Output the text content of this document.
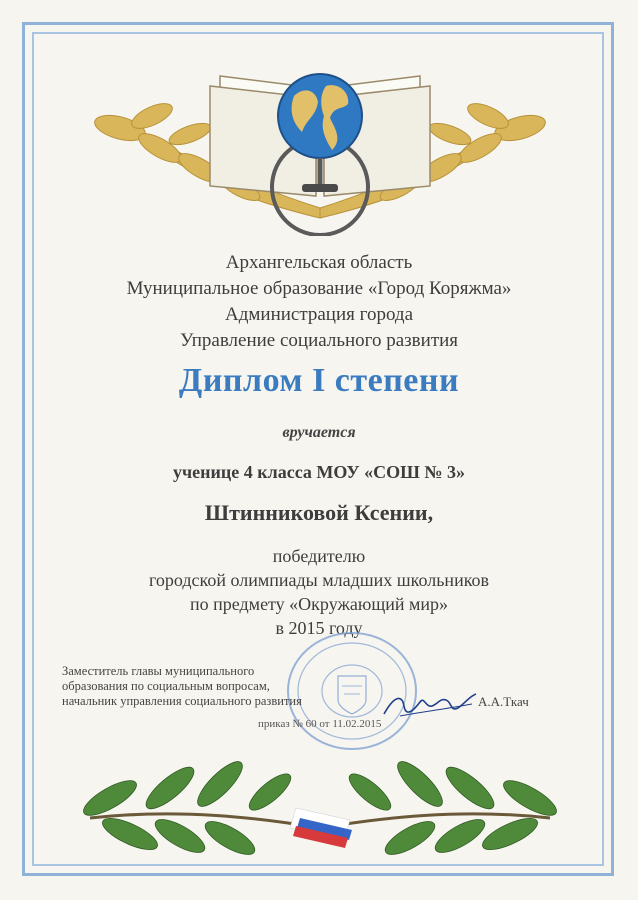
Архангельская область
Муниципальное образование «Город Коряжма»
Администрация города
Управление социального развития
Диплом I степени
вручается
ученице 4 класса МОУ «СОШ № 3»
Штинниковой Ксении,
победителю
городской олимпиады младших школьников
по предмету «Окружающий мир»
в 2015 году
Заместитель главы муниципального
образования по социальным вопросам,
начальник управления социального развития	А.А.Ткач
приказ № 60 от 11.02.2015
